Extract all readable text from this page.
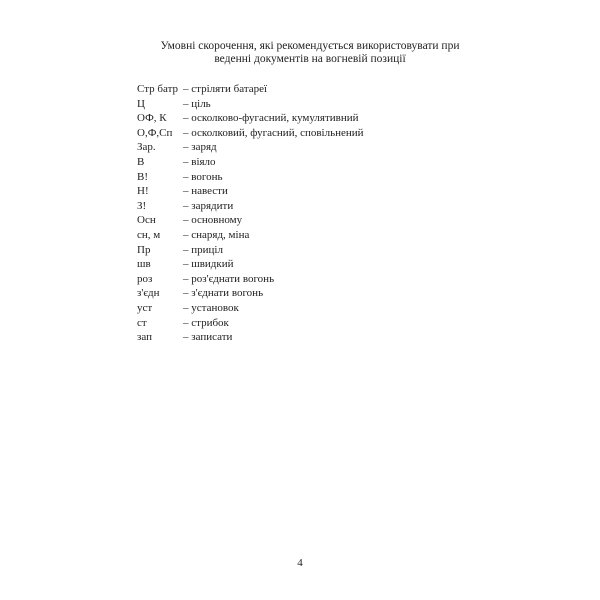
Умовні скорочення, які рекомендується використовувати при
веденні документів на вогневій позиції
Стр батр – стріляти батареї
Ц	– ціль
ОФ, К	– осколково-фугасний, кумулятивний
О,Ф,Сп – осколковий, фугасний, сповільнений
Зар.	– заряд
В	– віяло
В!	– вогонь
Н!	– навести
З!	– зарядити
Осн	– основному
сн, м	– снаряд, міна
Пр	– приціл
шв	– швидкий
роз	– роз'єднати вогонь
з'єдн	– з'єднати вогонь
уст	– установок
ст	– стрибок
зап	– записати
4
